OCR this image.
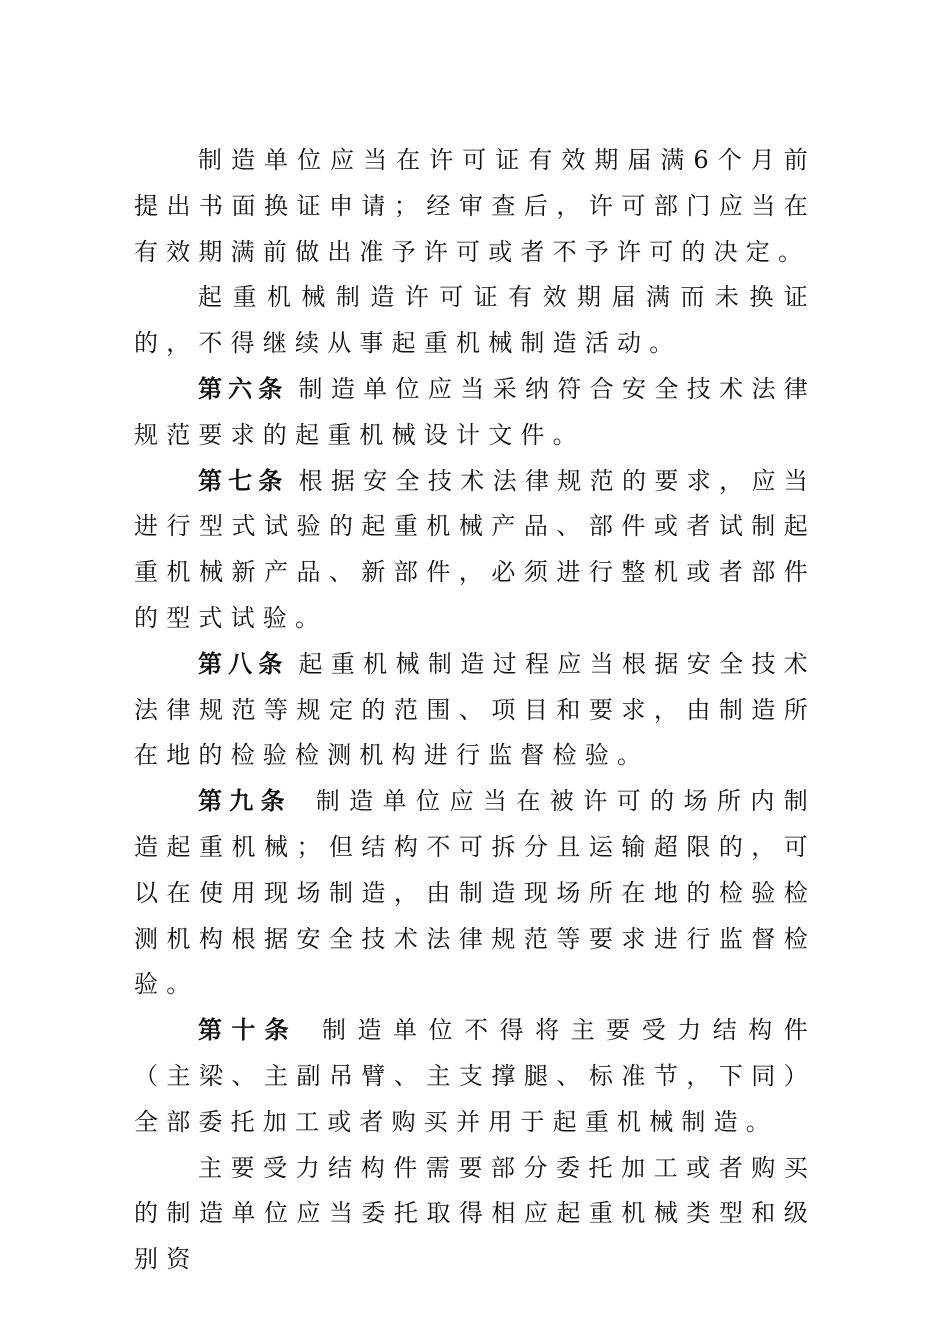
制造单位应当在许可证有效期届满6个月前提出书面换证申请；经审查后，许可部门应当在有效期满前做出准予许可或者不予许可的决定。

起重机械制造许可证有效期届满而未换证的，不得继续从事起重机械制造活动。

第六条 制造单位应当采纳符合安全技术法律规范要求的起重机械设计文件。

第七条 根据安全技术法律规范的要求，应当进行型式试验的起重机械产品、部件或者试制起重机械新产品、新部件，必须进行整机或者部件的型式试验。

第八条 起重机械制造过程应当根据安全技术法律规范等规定的范围、项目和要求，由制造所在地的检验检测机构进行监督检验。

第九条 制造单位应当在被许可的场所内制造起重机械；但结构不可拆分且运输超限的，可以在使用现场制造，由制造现场所在地的检验检测机构根据安全技术法律规范等要求进行监督检验。

第十条 制造单位不得将主要受力结构件（主梁、主副吊臂、主支撑腿、标准节，下同）全部委托加工或者购买并用于起重机械制造。

主要受力结构件需要部分委托加工或者购买的制造单位应当委托取得相应起重机械类型和级别资
